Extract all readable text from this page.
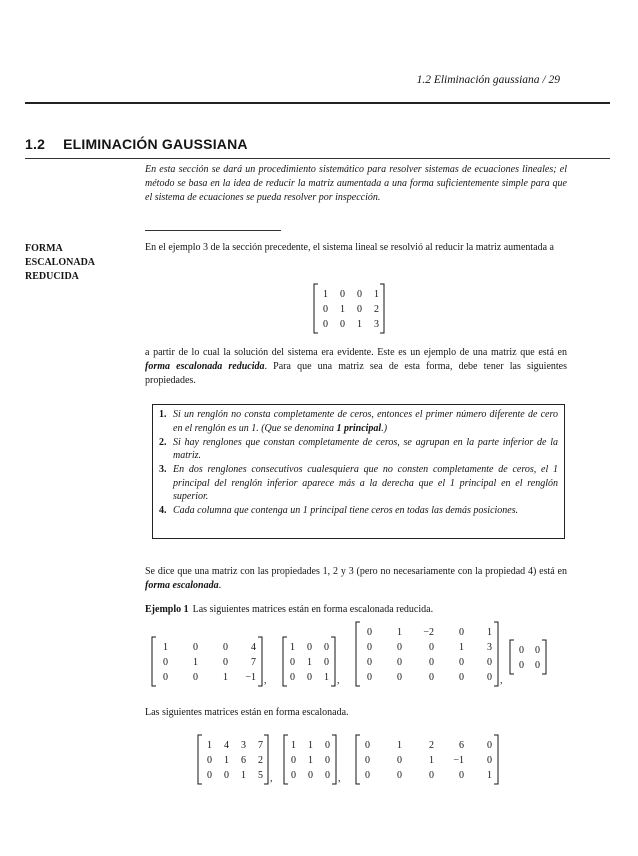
1.2 Eliminación gaussiana / 29
1.2 ELIMINACIÓN GAUSSIANA
En esta sección se dará un procedimiento sistemático para resolver sistemas de ecuaciones lineales; el método se basa en la idea de reducir la matriz aumentada a una forma suficientemente simple para que el sistema de ecuaciones se pueda resolver por inspección.
FORMA
ESCALONADA
REDUCIDA
En el ejemplo 3 de la sección precedente, el sistema lineal se resolvió al reducir la matriz aumentada a
a partir de lo cual la solución del sistema era evidente. Este es un ejemplo de una matriz que está en forma escalonada reducida. Para que una matriz sea de esta forma, debe tener las siguientes propiedades.
1. Si un renglón no consta completamente de ceros, entonces el primer número diferente de cero en el renglón es un 1. (Que se denomina 1 principal.)
2. Si hay renglones que constan completamente de ceros, se agrupan en la parte inferior de la matriz.
3. En dos renglones consecutivos cualesquiera que no consten completamente de ceros, el 1 principal del renglón inferior aparece más a la derecha que el 1 principal en el renglón superior.
4. Cada columna que contenga un 1 principal tiene ceros en todas las demás posiciones.
Se dice que una matriz con las propiedades 1, 2 y 3 (pero no necesariamente con la propiedad 4) está en forma escalonada.
Ejemplo 1 Las siguientes matrices están en forma escalonada reducida.
Las siguientes matrices están en forma escalonada.
1 0 0 1
0 1 0 2
0 0 1 3
1	0	0 4
0	1	0 7
0	0	1 −1 ,
1 0 0
0 1 0
0 0 1 ,
0	1 −2	0 1
0	0	0	1 3
0	0	0	0 0
0	0	0	0 0 ,
0 0
0 0
1 4 3 7
0 1 6 2
0 0 1 5 ,
1 1 0
0 1 0
0 0 0 ,
0	1	2	6 0
0	0	1 −1 0
0	0	0	0 1
